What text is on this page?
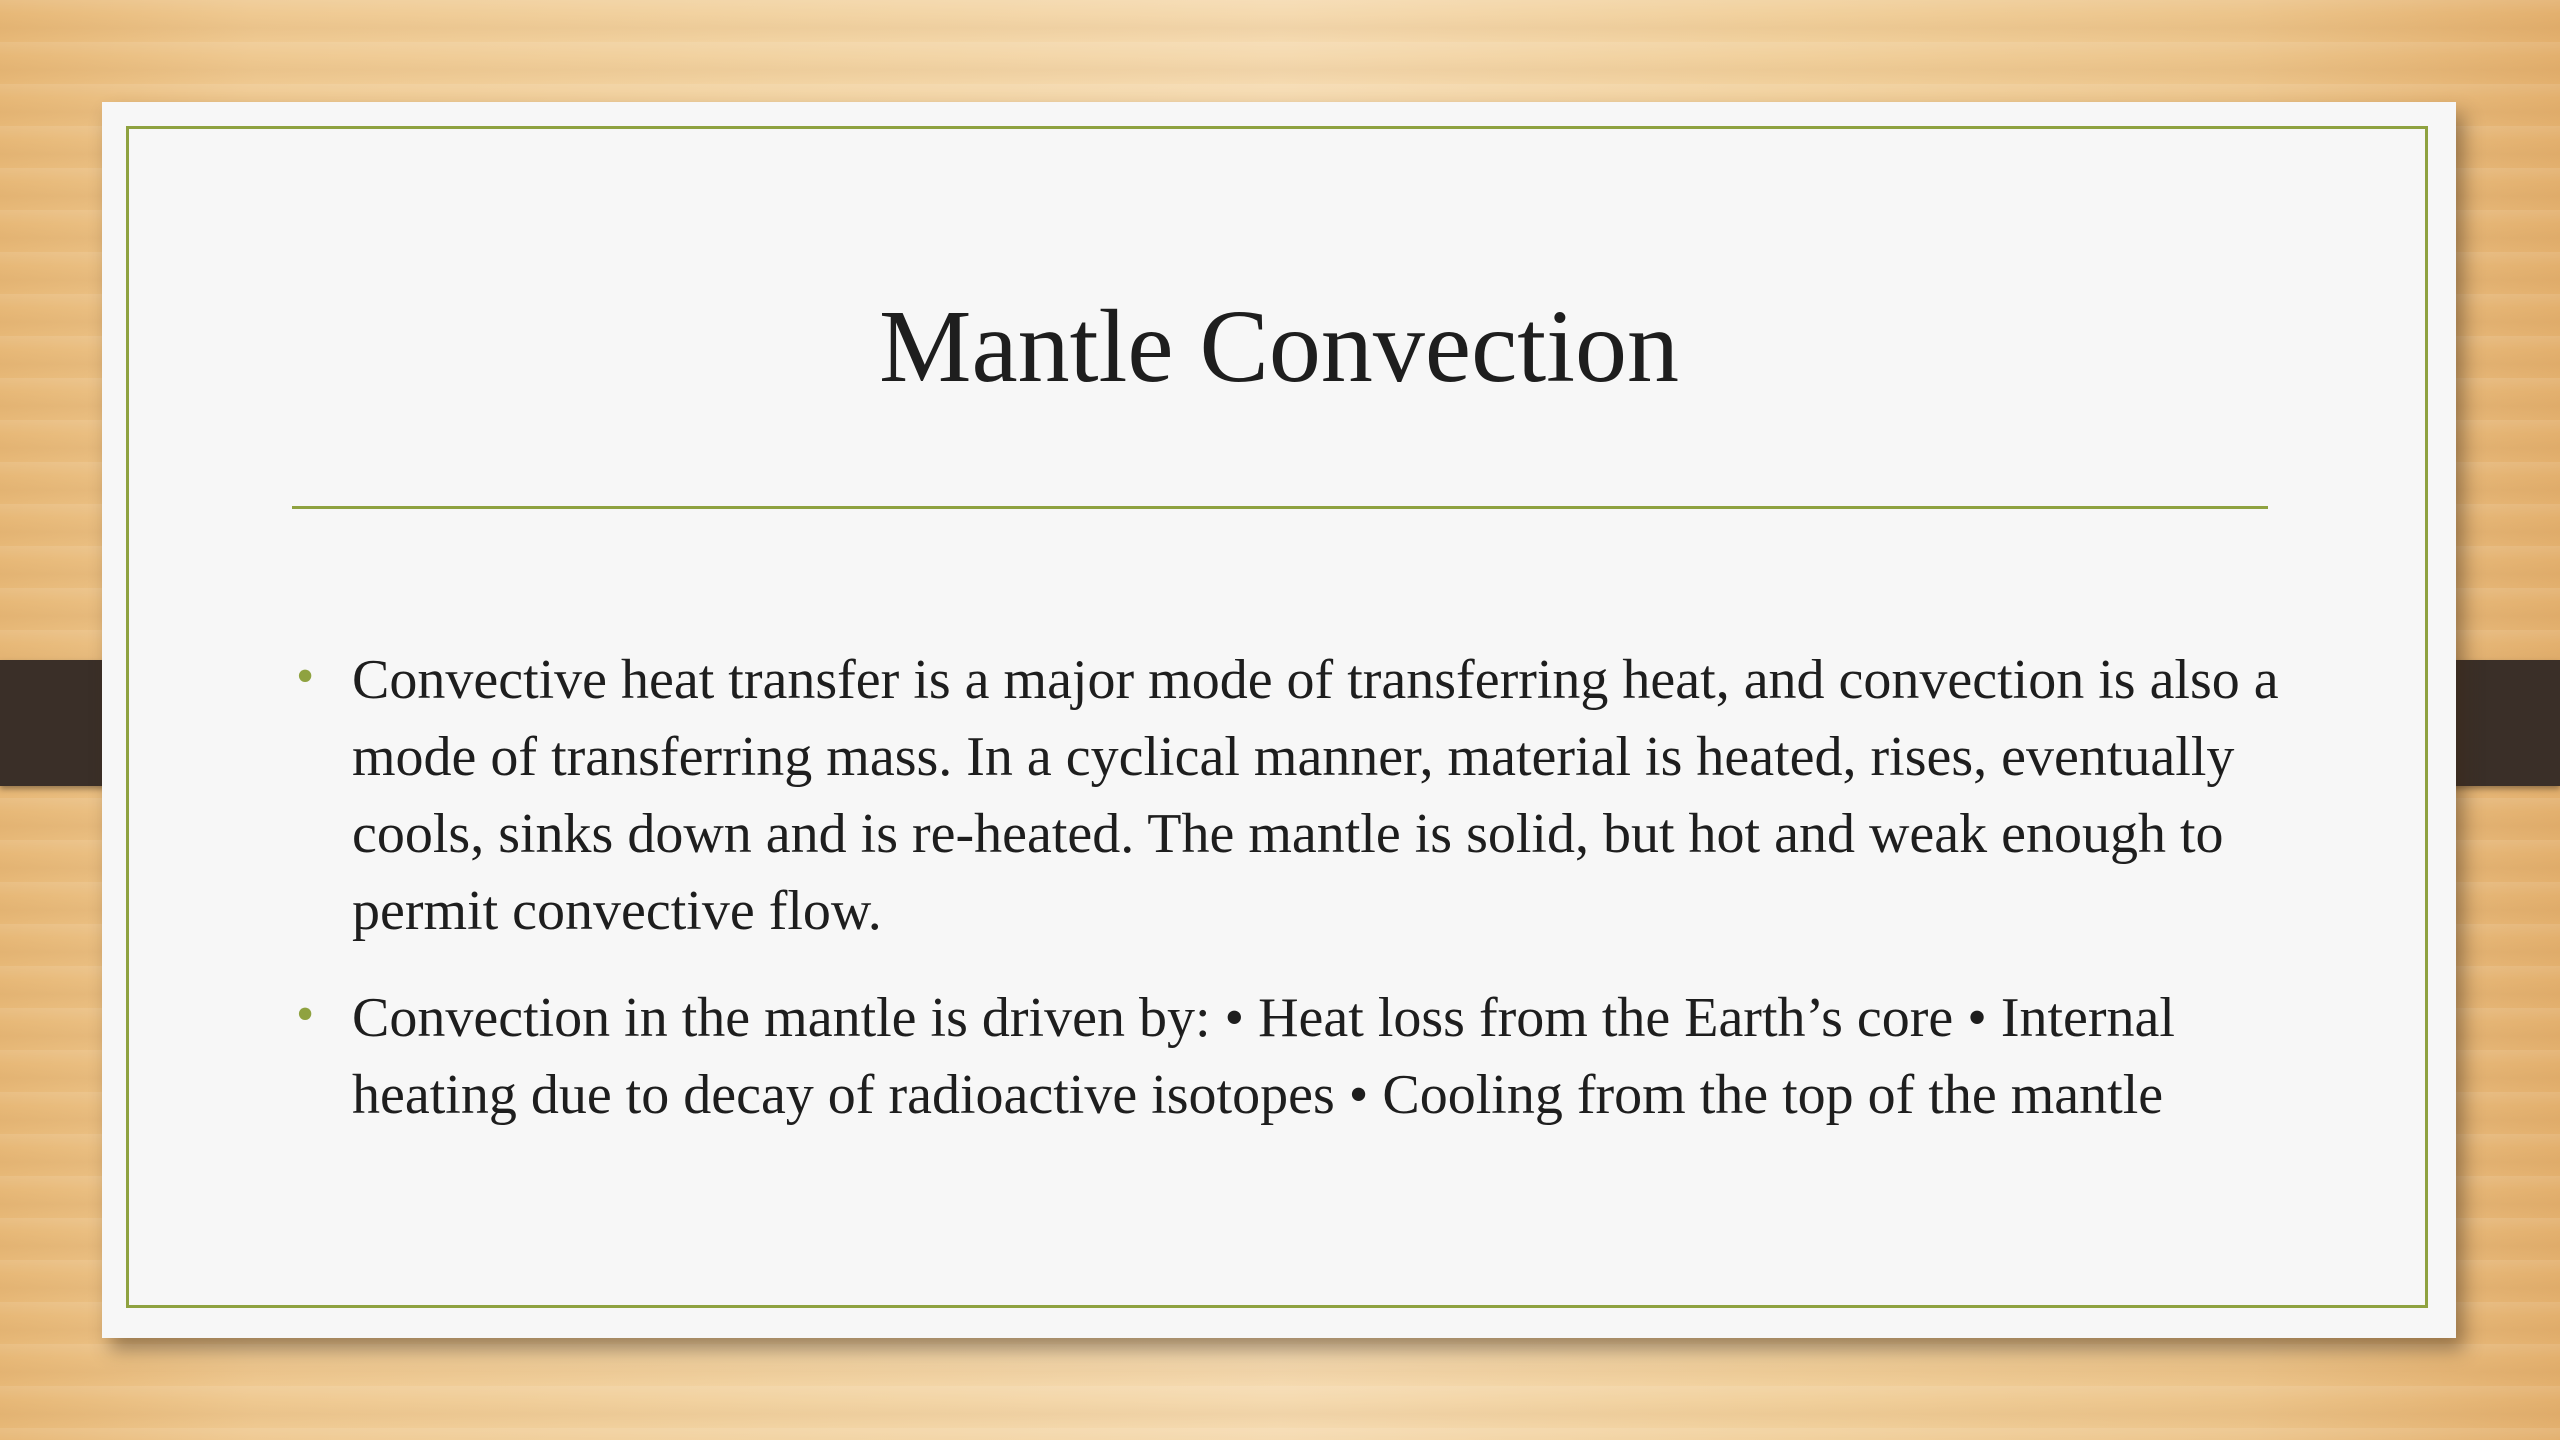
Mantle Convection
• Convective heat transfer is a major mode of transferring heat, and convection is also a mode of transferring mass. In a cyclical manner, material is heated, rises, eventually cools, sinks down and is re-heated. The mantle is solid, but hot and weak enough to permit convective flow.
• Convection in the mantle is driven by: • Heat loss from the Earth’s core • Internal heating due to decay of radioactive isotopes • Cooling from the top of the mantle
